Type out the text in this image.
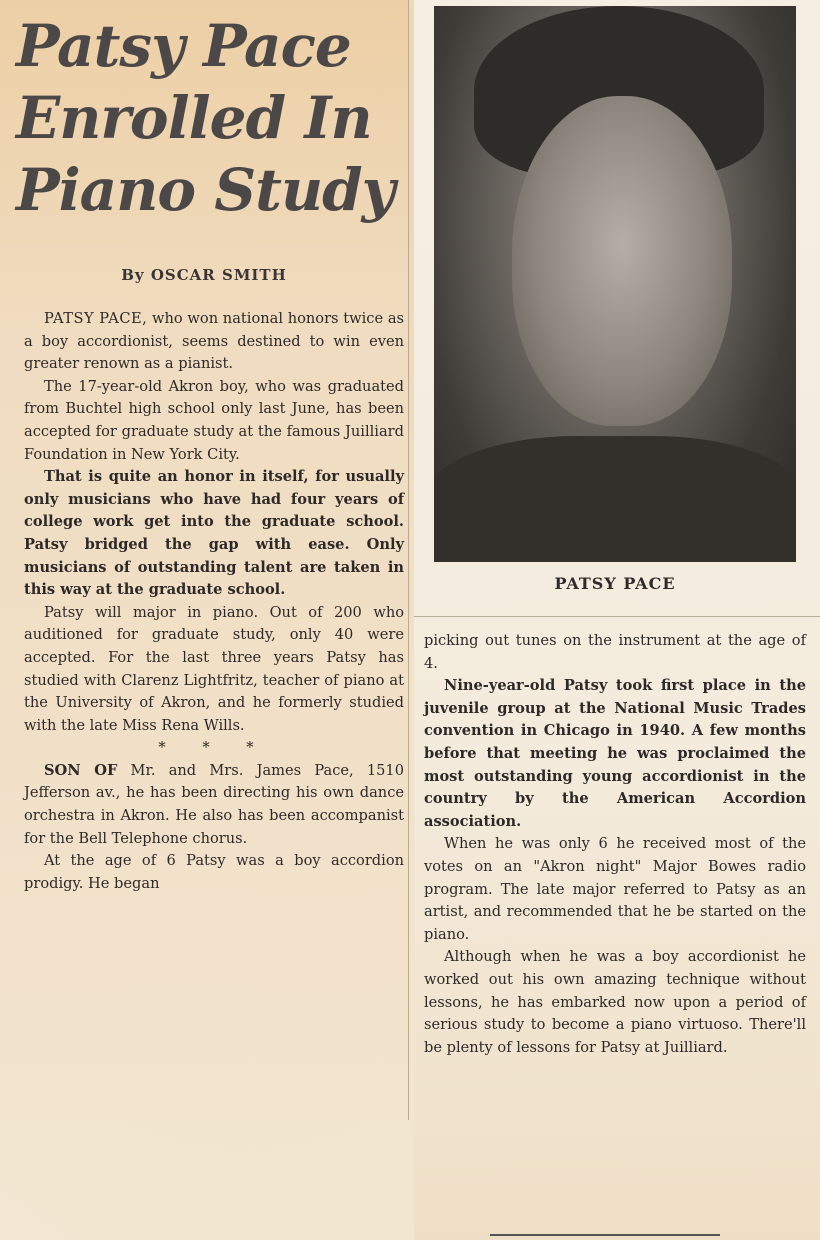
Patsy Pace
Enrolled In
Piano Study

By OSCAR SMITH

PATSY PACE, who won national honors twice as a boy accordionist, seems destined to win even greater renown as a pianist.

The 17-year-old Akron boy, who was graduated from Buchtel high school only last June, has been accepted for graduate study at the famous Juilliard Foundation in New York City.

That is quite an honor in itself, for usually only musicians who have had four years of college work get into the graduate school. Patsy bridged the gap with ease. Only musicians of outstanding talent are taken in this way at the graduate school.

Patsy will major in piano. Out of 200 who auditioned for graduate study, only 40 were accepted. For the last three years Patsy has studied with Clarenz Lightfritz, teacher of piano at the University of Akron, and he formerly studied with the late Miss Rena Wills.

* * *

SON OF Mr. and Mrs. James Pace, 1510 Jefferson av., he has been directing his own dance orchestra in Akron. He also has been accompanist for the Bell Telephone chorus.

At the age of 6 Patsy was a boy accordion prodigy. He began

PATSY PACE

picking out tunes on the instrument at the age of 4.

Nine-year-old Patsy took first place in the juvenile group at the National Music Trades convention in Chicago in 1940. A few months before that meeting he was proclaimed the most outstanding young accordionist in the country by the American Accordion association.

When he was only 6 he received most of the votes on an "Akron night" Major Bowes radio program. The late major referred to Patsy as an artist, and recommended that he be started on the piano.

Although when he was a boy accordionist he worked out his own amazing technique without lessons, he has embarked now upon a period of serious study to become a piano virtuoso. There'll be plenty of lessons for Patsy at Juilliard.
